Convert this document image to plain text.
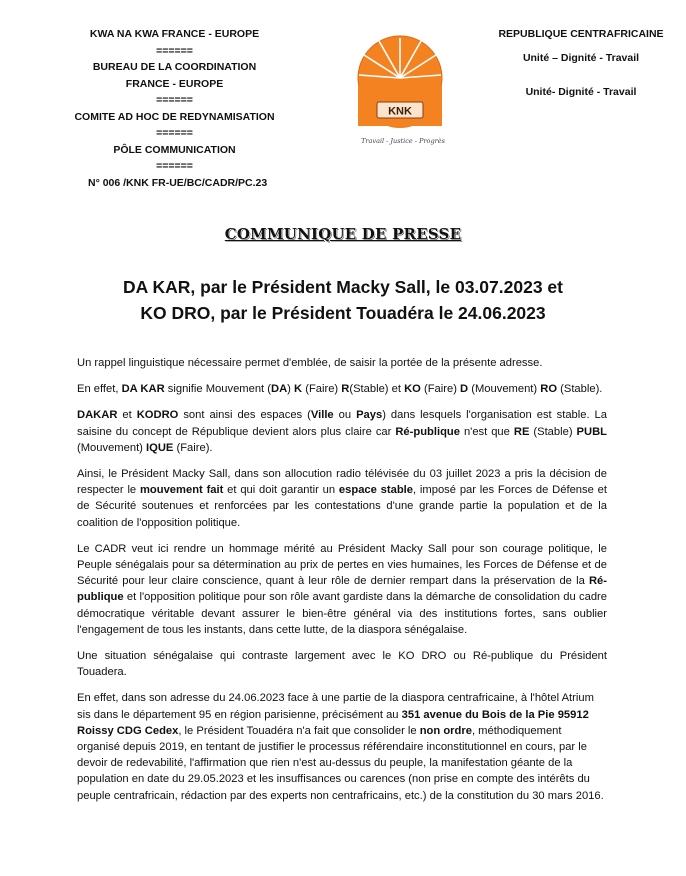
KWA NA KWA FRANCE - EUROPE
======
BUREAU DE LA COORDINATION
FRANCE - EUROPE
======
COMITE AD HOC DE REDYNAMISATION
======
PÔLE COMMUNICATION
======
N° 006 /KNK FR-UE/BC/CADR/PC.23
KNK
Travail - Justice - Progrès
REPUBLIQUE CENTRAFRICAINE
Unité – Dignité - Travail
Unité- Dignité - Travail
COMMUNIQUE DE PRESSE
DA KAR, par le Président Macky Sall, le 03.07.2023 et
KO DRO, par le Président Touadéra le 24.06.2023

Un rappel linguistique nécessaire permet d'emblée, de saisir la portée de la présente adresse.

En effet, DA KAR signifie Mouvement (DA) K (Faire) R(Stable) et KO (Faire) D (Mouvement) RO (Stable).

DAKAR et KODRO sont ainsi des espaces (Ville ou Pays) dans lesquels l'organisation est stable. La saisine du concept de République devient alors plus claire car Ré-publique n'est que RE (Stable) PUBL (Mouvement) IQUE (Faire).

Ainsi, le Président Macky Sall, dans son allocution radio télévisée du 03 juillet 2023 a pris la décision de respecter le mouvement fait et qui doit garantir un espace stable, imposé par les Forces de Défense et de Sécurité soutenues et renforcées par les contestations d'une grande partie la population et de la coalition de l'opposition politique.

Le CADR veut ici rendre un hommage mérité au Président Macky Sall pour son courage politique, le Peuple sénégalais pour sa détermination au prix de pertes en vies humaines, les Forces de Défense et de Sécurité pour leur claire conscience, quant à leur rôle de dernier rempart dans la préservation de la Ré-publique et l'opposition politique pour son rôle avant gardiste dans la démarche de consolidation du cadre démocratique véritable devant assurer le bien-être général via des institutions fortes, sans oublier l'engagement de tous les instants, dans cette lutte, de la diaspora sénégalaise.

Une situation sénégalaise qui contraste largement avec le KO DRO ou Ré-publique du Président Touadera.

En effet, dans son adresse du 24.06.2023 face à une partie de la diaspora centrafricaine, à l'hôtel Atrium sis dans le département 95 en région parisienne, précisément au 351 avenue du Bois de la Pie 95912 Roissy CDG Cedex, le Président Touadéra n'a fait que consolider le non ordre, méthodiquement organisé depuis 2019, en tentant de justifier le processus référendaire inconstitutionnel en cours, par le devoir de redevabilité, l'affirmation que rien n'est au-dessus du peuple, la manifestation géante de la population en date du 29.05.2023 et les insuffisances ou carences (non prise en compte des intérêts du peuple centrafricain, rédaction par des experts non centrafricains, etc.) de la constitution du 30 mars 2016.
